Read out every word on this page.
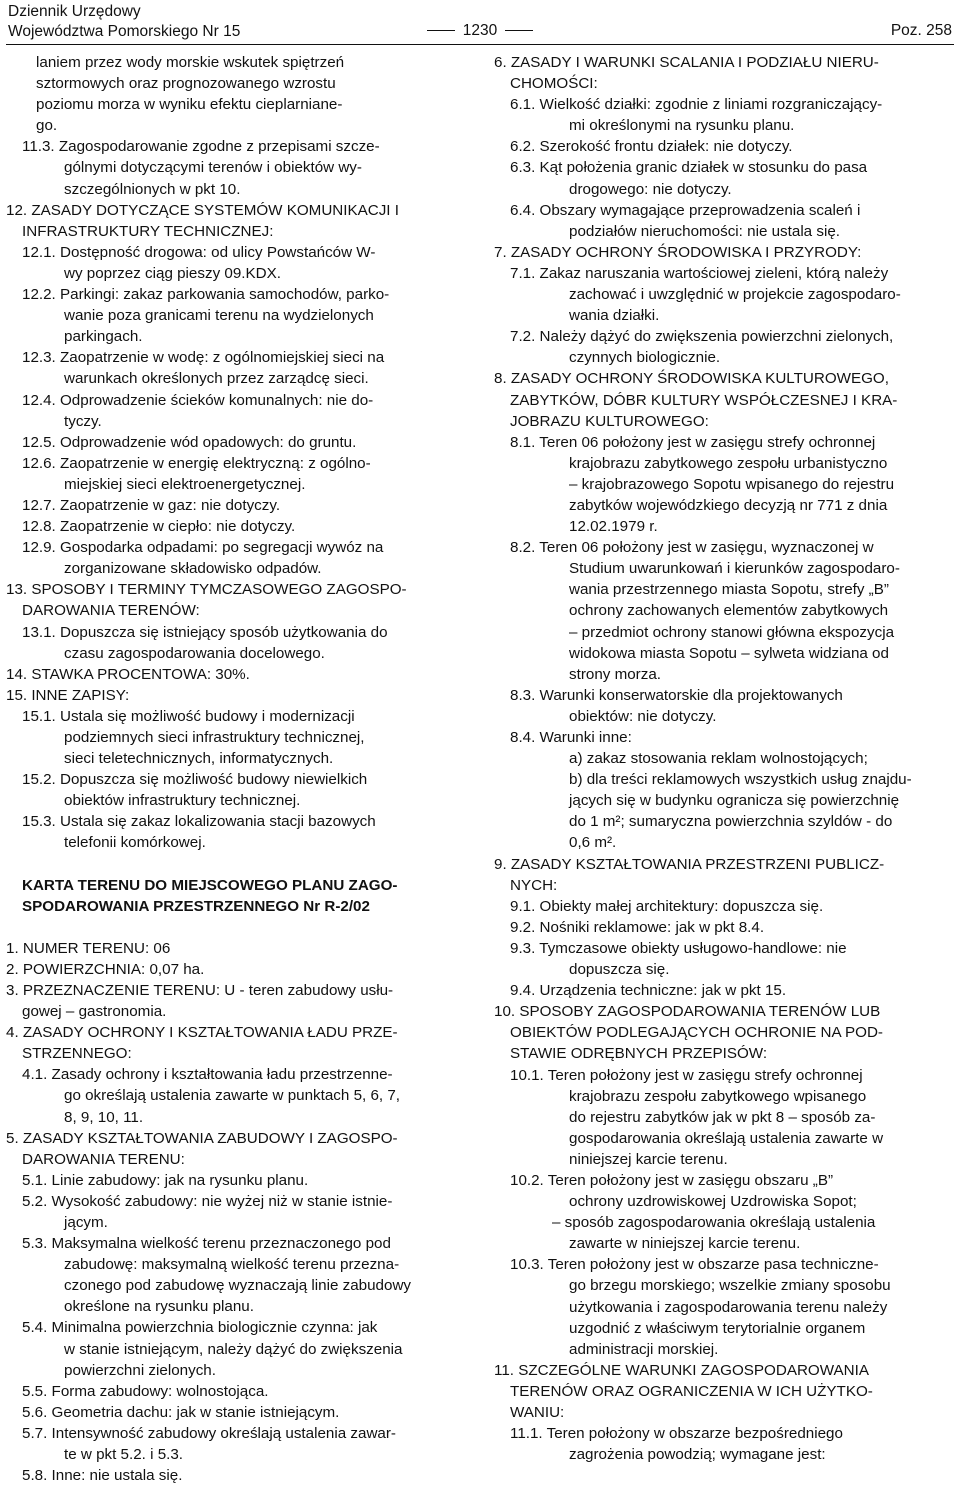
Dziennik Urzędowy
Województwa Pomorskiego Nr 15	1230	Poz. 258
laniem przez wody morskie wskutek spiętrzeń
sztormowych oraz prognozowanego wzrostu
poziomu morza w wyniku efektu cieplarniane-
go.
11.3. Zagospodarowanie zgodne z przepisami szcze-
gólnymi dotyczącymi terenów i obiektów wy-
szczególnionych w pkt 10.
12. ZASADY DOTYCZĄCE SYSTEMÓW KOMUNIKACJI I
INFRASTRUKTURY TECHNICZNEJ:
12.1. Dostępność drogowa: od ulicy Powstańców W-
wy poprzez ciąg pieszy 09.KDX.
12.2. Parkingi: zakaz parkowania samochodów, parko-
wanie poza granicami terenu na wydzielonych
parkingach.
12.3. Zaopatrzenie w wodę: z ogólnomiejskiej sieci na
warunkach określonych przez zarządcę sieci.
12.4. Odprowadzenie ścieków komunalnych: nie do-
tyczy.
12.5. Odprowadzenie wód opadowych: do gruntu.
12.6. Zaopatrzenie w energię elektryczną: z ogólno-
miejskiej sieci elektroenergetycznej.
12.7. Zaopatrzenie w gaz: nie dotyczy.
12.8. Zaopatrzenie w ciepło: nie dotyczy.
12.9. Gospodarka odpadami: po segregacji wywóz na
zorganizowane składowisko odpadów.
13. SPOSOBY I TERMINY TYMCZASOWEGO ZAGOSPO-
DAROWANIA TERENÓW:
13.1. Dopuszcza się istniejący sposób użytkowania do
czasu zagospodarowania docelowego.
14. STAWKA PROCENTOWA: 30%.
15. INNE ZAPISY:
15.1. Ustala się możliwość budowy i modernizacji
podziemnych sieci infrastruktury technicznej,
sieci teletechnicznych, informatycznych.
15.2. Dopuszcza się możliwość budowy niewielkich
obiektów infrastruktury technicznej.
15.3. Ustala się zakaz lokalizowania stacji bazowych
telefonii komórkowej.
KARTA TERENU DO MIEJSCOWEGO PLANU ZAGO-
SPODAROWANIA PRZESTRZENNEGO Nr R-2/02
1. NUMER TERENU: 06
2. POWIERZCHNIA: 0,07 ha.
3. PRZEZNACZENIE TERENU: U - teren zabudowy usłu-
gowej – gastronomia.
4. ZASADY OCHRONY I KSZTAŁTOWANIA ŁADU PRZE-
STRZENNEGO:
4.1. Zasady ochrony i kształtowania ładu przestrzenne-
go określają ustalenia zawarte w punktach 5, 6, 7,
8, 9, 10, 11.
5. ZASADY KSZTAŁTOWANIA ZABUDOWY I ZAGOSPO-
DAROWANIA TERENU:
5.1. Linie zabudowy: jak na rysunku planu.
5.2. Wysokość zabudowy: nie wyżej niż w stanie istnie-
jącym.
5.3. Maksymalna wielkość terenu przeznaczonego pod
zabudowę: maksymalną wielkość terenu przezna-
czonego pod zabudowę wyznaczają linie zabudowy
określone na rysunku planu.
5.4. Minimalna powierzchnia biologicznie czynna: jak
w stanie istniejącym, należy dążyć do zwiększenia
powierzchni zielonych.
5.5. Forma zabudowy: wolnostojąca.
5.6. Geometria dachu: jak w stanie istniejącym.
5.7. Intensywność zabudowy określają ustalenia zawar-
te w pkt 5.2. i 5.3.
5.8. Inne: nie ustala się.
6. ZASADY I WARUNKI SCALANIA I PODZIAŁU NIERU-
CHOMOŚCI:
6.1. Wielkość działki: zgodnie z liniami rozgraniczający-
mi określonymi na rysunku planu.
6.2. Szerokość frontu działek: nie dotyczy.
6.3. Kąt położenia granic działek w stosunku do pasa
drogowego: nie dotyczy.
6.4. Obszary wymagające przeprowadzenia scaleń i
podziałów nieruchomości: nie ustala się.
7. ZASADY OCHRONY ŚRODOWISKA I PRZYRODY:
7.1. Zakaz naruszania wartościowej zieleni, którą należy
zachować i uwzględnić w projekcie zagospodaro-
wania działki.
7.2. Należy dążyć do zwiększenia powierzchni zielonych,
czynnych biologicznie.
8. ZASADY OCHRONY ŚRODOWISKA KULTUROWEGO,
ZABYTKÓW, DÓBR KULTURY WSPÓŁCZESNEJ I KRA-
JOBRAZU KULTUROWEGO:
8.1. Teren 06 położony jest w zasięgu strefy ochronnej
krajobrazu zabytkowego zespołu urbanistyczno
– krajobrazowego Sopotu wpisanego do rejestru
zabytków wojewódzkiego decyzją nr 771 z dnia
12.02.1979 r.
8.2. Teren 06 położony jest w zasięgu, wyznaczonej w
Studium uwarunkowań i kierunków zagospodaro-
wania przestrzennego miasta Sopotu, strefy „B”
ochrony zachowanych elementów zabytkowych
– przedmiot ochrony stanowi główna ekspozycja
widokowa miasta Sopotu – sylweta widziana od
strony morza.
8.3. Warunki konserwatorskie dla projektowanych
obiektów: nie dotyczy.
8.4. Warunki inne:
a) zakaz stosowania reklam wolnostojących;
b) dla treści reklamowych wszystkich usług znajdu-
jących się w budynku ogranicza się powierzchnię
do 1 m²; sumaryczna powierzchnia szyldów - do
0,6 m².
9. ZASADY KSZTAŁTOWANIA PRZESTRZENI PUBLICZ-
NYCH:
9.1. Obiekty małej architektury: dopuszcza się.
9.2. Nośniki reklamowe: jak w pkt 8.4.
9.3. Tymczasowe obiekty usługowo-handlowe: nie
dopuszcza się.
9.4. Urządzenia techniczne: jak w pkt 15.
10. SPOSOBY ZAGOSPODAROWANIA TERENÓW LUB
OBIEKTÓW PODLEGAJĄCYCH OCHRONIE NA POD-
STAWIE ODRĘBNYCH PRZEPISÓW:
10.1. Teren położony jest w zasięgu strefy ochronnej
krajobrazu zespołu zabytkowego wpisanego
do rejestru zabytków jak w pkt 8 – sposób za-
gospodarowania określają ustalenia zawarte w
niniejszej karcie terenu.
10.2. Teren położony jest w zasięgu obszaru „B”
ochrony uzdrowiskowej Uzdrowiska Sopot;
– sposób zagospodarowania określają ustalenia
zawarte w niniejszej karcie terenu.
10.3. Teren położony jest w obszarze pasa techniczne-
go brzegu morskiego; wszelkie zmiany sposobu
użytkowania i zagospodarowania terenu należy
uzgodnić z właściwym terytorialnie organem
administracji morskiej.
11. SZCZEGÓLNE WARUNKI ZAGOSPODAROWANIA
TERENÓW ORAZ OGRANICZENIA W ICH UŻYTKO-
WANIU:
11.1. Teren położony w obszarze bezpośredniego
zagrożenia powodzią; wymagane jest:
